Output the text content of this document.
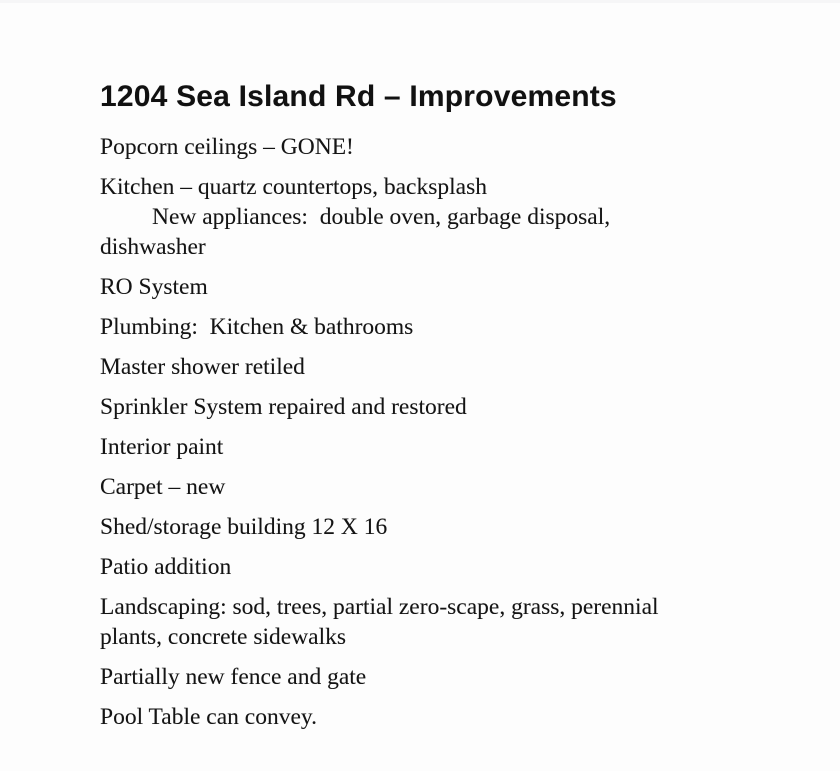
1204 Sea Island Rd – Improvements
Popcorn ceilings – GONE!
Kitchen – quartz countertops, backsplash
	New appliances:  double oven, garbage disposal,
dishwasher
RO System
Plumbing:  Kitchen & bathrooms
Master shower retiled
Sprinkler System repaired and restored
Interior paint
Carpet – new
Shed/storage building 12 X 16
Patio addition
Landscaping: sod, trees, partial zero-scape, grass, perennial
plants, concrete sidewalks
Partially new fence and gate
Pool Table can convey.
